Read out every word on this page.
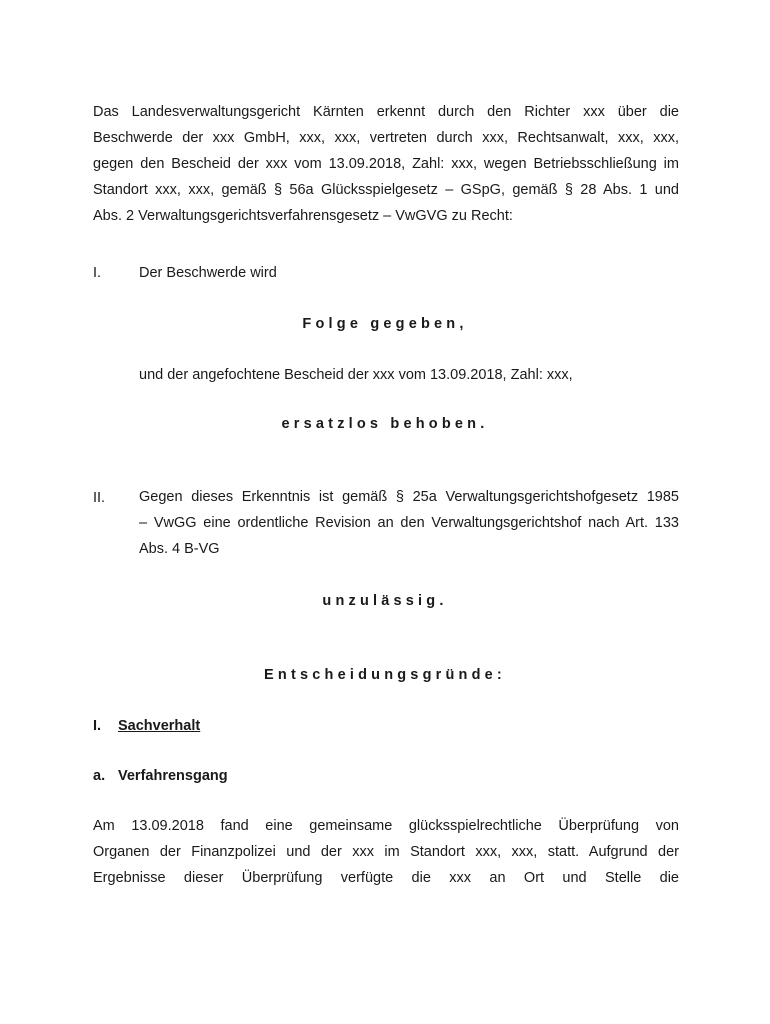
Das Landesverwaltungsgericht Kärnten erkennt durch den Richter xxx über die
Beschwerde der xxx GmbH, xxx, xxx, vertreten durch xxx, Rechtsanwalt, xxx, xxx,
gegen den Bescheid der xxx vom 13.09.2018, Zahl: xxx, wegen Betriebsschließung im
Standort xxx, xxx, gemäß § 56a Glücksspielgesetz – GSpG, gemäß § 28 Abs. 1 und
Abs. 2 Verwaltungsgerichtsverfahrensgesetz – VwGVG zu Recht:

I.	Der Beschwerde wird
Folge gegeben,
und der angefochtene Bescheid der xxx vom 13.09.2018, Zahl: xxx,
ersatzlos behoben.
II. Gegen dieses Erkenntnis ist gemäß § 25a Verwaltungsgerichtshofgesetz 1985
– VwGG eine ordentliche Revision an den Verwaltungsgerichtshof nach Art. 133
Abs. 4 B-VG

unzulässig.
Entscheidungsgründe:
I. Sachverhalt
a. Verfahrensgang

Am 13.09.2018 fand eine gemeinsame glücksspielrechtliche Überprüfung von
Organen der Finanzpolizei und der xxx im Standort xxx, xxx, statt. Aufgrund der
Ergebnisse dieser Überprüfung verfügte die xxx an Ort und Stelle die
